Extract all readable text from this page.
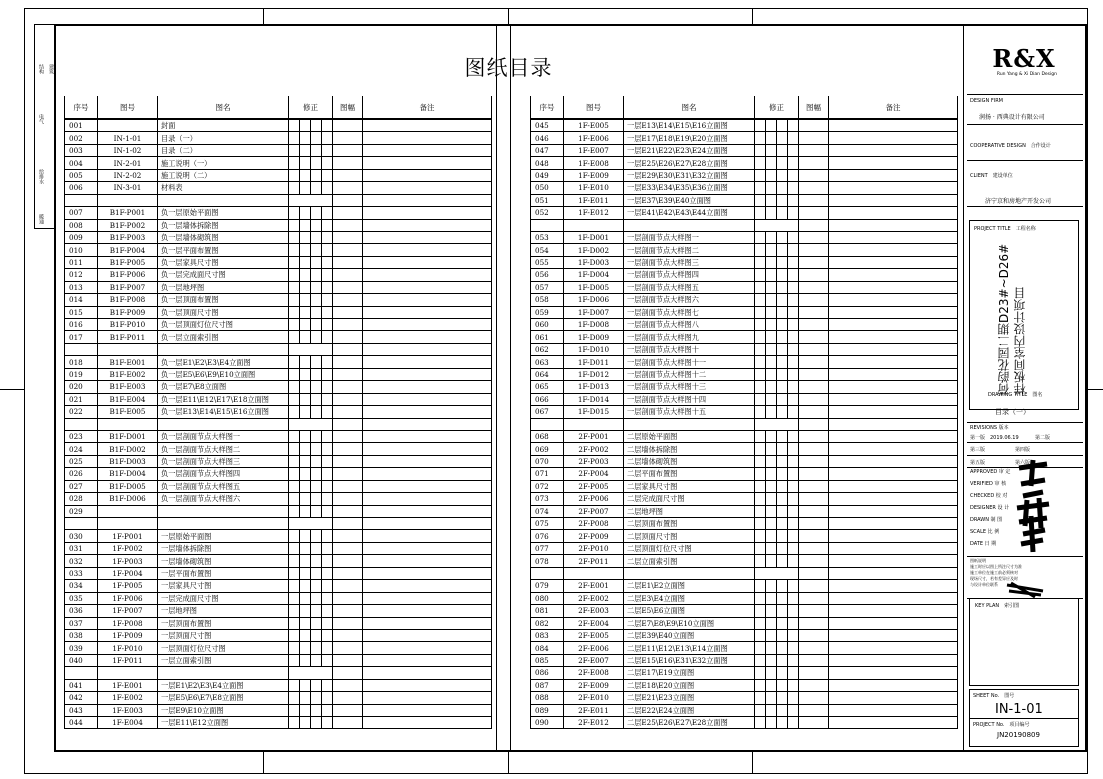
给排水
电气
暖通
结构 建筑	图纸目录
序号	图号	图名	修正	图幅	备注
001		封面	

002	IN-1-01	目录（一）	

003	IN-1-02	目录（二）	

004	IN-2-01	施工说明（一）	

005	IN-2-02	施工说明（二）	

006	IN-3-01	材料表	

007	B1F-P001	负一层原始平面图	

008	B1F-P002	负一层墙体拆除图	

009	B1F-P003	负一层墙体砌筑图	

010	B1F-P004	负一层平面布置图	

011	B1F-P005	负一层家具尺寸图	

012	B1F-P006	负一层完成面尺寸图	

013	B1F-P007	负一层地坪图	

014	B1F-P008	负一层顶面布置图	

015	B1F-P009	负一层顶面尺寸图	

016	B1F-P010	负一层顶面灯位尺寸图	

017	B1F-P011	负一层立面索引图	

018	B1F-E001	负一层E1\E2\E3\E4立面图	

019	B1F-E002	负一层E5\E6\E9\E10立面图	

020	B1F-E003	负一层E7\E8立面图	

021	B1F-E004	负一层E11\E12\E17\E18立面图	

022	B1F-E005	负一层E13\E14\E15\E16立面图	

023	B1F-D001	负一层剖面节点大样图一	

024	B1F-D002	负一层剖面节点大样图二	

025	B1F-D003	负一层剖面节点大样图三	

026	B1F-D004	负一层剖面节点大样图四	

027	B1F-D005	负一层剖面节点大样图五	

028	B1F-D006	负一层剖面节点大样图六	

029			

030	1F-P001	一层原始平面图	

031	1F-P002	一层墙体拆除图	

032	1F-P003	一层墙体砌筑图	

033	1F-P004	一层平面布置图	

034	1F-P005	一层家具尺寸图	

035	1F-P006	一层完成面尺寸图	

036	1F-P007	一层地坪图	

037	1F-P008	一层顶面布置图	

038	1F-P009	一层顶面尺寸图	

039	1F-P010	一层顶面灯位尺寸图	

040	1F-P011	一层立面索引图	

041	1F-E001	一层E1\E2\E3\E4立面图	

042	1F-E002	一层E5\E6\E7\E8立面图	

043	1F-E003	一层E9\E10立面图	

044	1F-E004	一层E11\E12立面图	

序号	图号	图名	修正	图幅	备注
045	1F-E005	一层E13\E14\E15\E16立面图	

046	1F-E006	一层E17\E18\E19\E20立面图	

047	1F-E007	一层E21\E22\E23\E24立面图	

048	1F-E008	一层E25\E26\E27\E28立面图	

049	1F-E009	一层E29\E30\E31\E32立面图	

050	1F-E010	一层E33\E34\E35\E36立面图	

051	1F-E011	一层E37\E39\E40立面图	

052	1F-E012	一层E41\E42\E43\E44立面图	

053	1F-D001	一层剖面节点大样图一	

054	1F-D002	一层剖面节点大样图二	

055	1F-D003	一层剖面节点大样图三	

056	1F-D004	一层剖面节点大样图四	

057	1F-D005	一层剖面节点大样图五	

058	1F-D006	一层剖面节点大样图六	

059	1F-D007	一层剖面节点大样图七	

060	1F-D008	一层剖面节点大样图八	

061	1F-D009	一层剖面节点大样图九	

062	1F-D010	一层剖面节点大样图十	

063	1F-D011	一层剖面节点大样图十一	

064	1F-D012	一层剖面节点大样图十二	

065	1F-D013	一层剖面节点大样图十三	

066	1F-D014	一层剖面节点大样图十四	

067	1F-D015	一层剖面节点大样图十五	

068	2F-P001	二层原始平面图	

069	2F-P002	二层墙体拆除图	

070	2F-P003	二层墙体砌筑图	

071	2F-P004	二层平面布置图	

072	2F-P005	二层家具尺寸图	

073	2F-P006	二层完成面尺寸图	

074	2F-P007	二层地坪图	

075	2F-P008	二层顶面布置图	

076	2F-P009	二层顶面尺寸图	

077	2F-P010	二层顶面灯位尺寸图	

078	2F-P011	二层立面索引图	

079	2F-E001	二层E1\E2立面图	

080	2F-E002	二层E3\E4立面图	

081	2F-E003	二层E5\E6立面图	

082	2F-E004	二层E7\E8\E9\E10立面图	

083	2F-E005	二层E39\E40立面图	

084	2F-E006	二层E11\E12\E13\E14立面图	

085	2F-E007	二层E15\E16\E31\E32立面图	

086	2F-E008	二层E17\E19立面图	

087	2F-E009	二层E18\E20立面图	

088	2F-E010	二层E21\E23立面图	

089	2F-E011	二层E22\E24立面图	

090	2F-E012	二层E25\E26\E27\E28立面图	

R&X
Run Yang & Xi Dian Design
DESIGN FIRM
润扬 · 西典设计有限公司
COOPERATIVE DESIGN　合作设计
CLIENT　建设单位
济宁京和房地产开发公司
PROJECT TITLE　工程名称
荷韵花园二期D23#~D26# 样板间室内设计项目
DRAWING TITLE　图名
目录（一）
REVISIONS 版本
第一版　2019.06.19	第二版
第三版	第四版
第五版	第六版
APPROVED 审 定
VERIFIED 审 核
CHECKED 校 对
DESIGNER 设 计
DRAWN 制 图
SCALE 比 例
DATE 日 期
图纸说明
施工时应以图上所注尺寸为准
施工单位在施工前必须核对
现场尺寸，若有差异应及时
与设计单位联系
KEY PLAN　索引图
SHEET No.　图号
IN-1-01
PROJECT No.　项目编号
JN20190809
